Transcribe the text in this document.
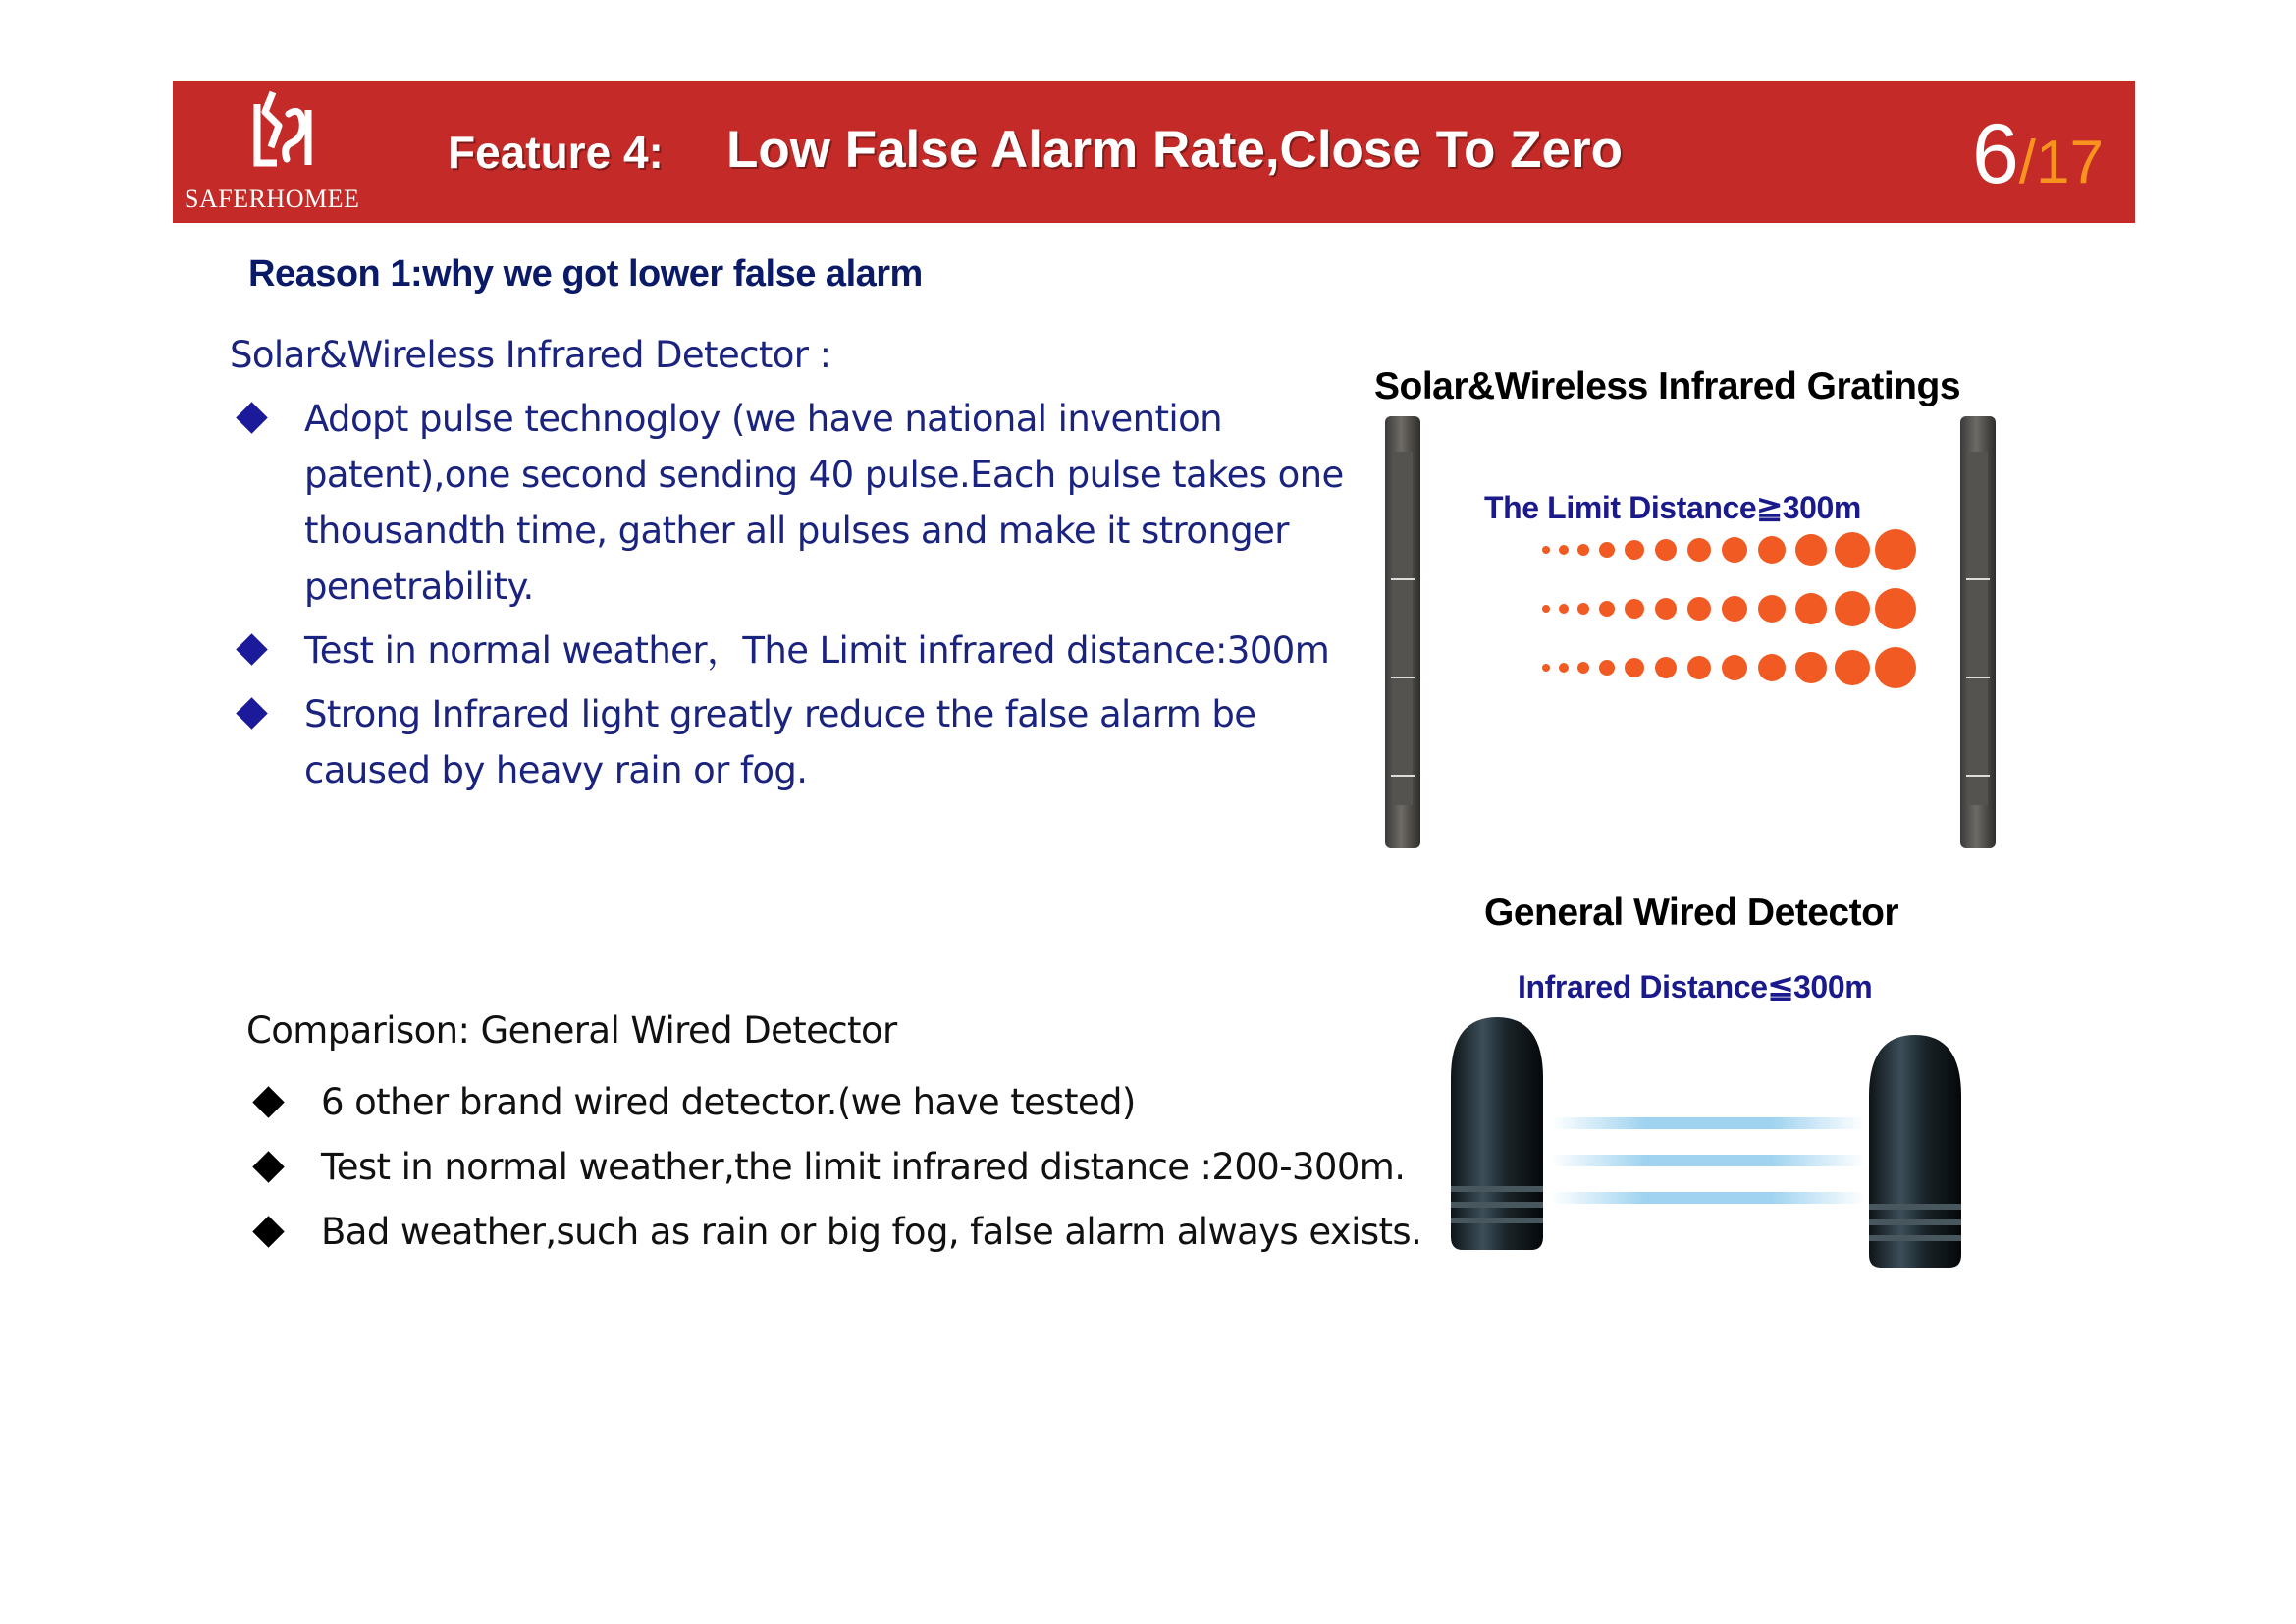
SAFERHOMEE
Feature 4: Low False Alarm Rate,Close To Zero	6/17
Reason 1:why we got lower false alarm
Solar&Wireless Infrared Detector :
Adopt pulse technogloy (we have national invention patent),one second sending 40 pulse.Each pulse takes one thousandth time, gather all pulses and make it stronger penetrability.
Test in normal weather，The Limit infrared distance:300m
Strong Infrared light greatly reduce the false alarm be caused by heavy rain or fog.
Comparison: General Wired Detector
6 other brand wired detector.(we have tested)
Test in normal weather,the limit infrared distance :200-300m.
Bad weather,such as rain or big fog, false alarm always exists.
Solar&Wireless Infrared Gratings
The Limit Distance≧300m
General Wired Detector
Infrared Distance≦300m
